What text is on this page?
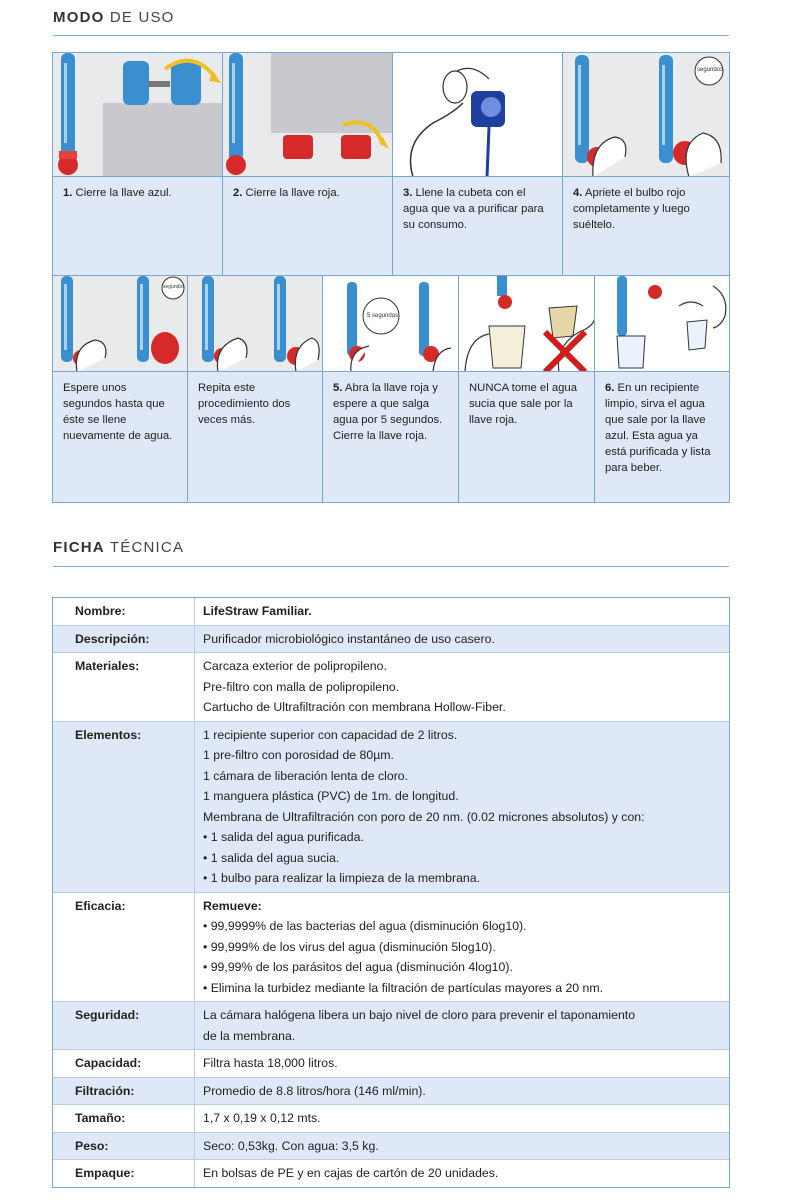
MODO DE USO
1. Cierre la llave azul.	2. Cierre la llave roja.	3. Llene la cubeta con el agua que va a purificar para su consumo.
segundos
4. Apriete el bulbo rojo completamente y luego suéltelo.
segundos
Espere unos segundos hasta que éste se llene nuevamente de agua.
Repita este procedimiento dos veces más.
5 segundos
5. Abra la llave roja y espere a que salga agua por 5 segundos. Cierre la llave roja.
NUNCA tome el agua sucia que sale por la llave roja.
6. En un recipiente limpio, sirva el agua que sale por la llave azul. Esta agua ya está purificada y lista para beber.
FICHA TÉCNICA
Nombre:	LifeStraw Familiar.
Descripción:	Purificador microbiológico instantáneo de uso casero.
Materiales:	Carcaza exterior de polipropileno.
Pre-filtro con malla de polipropileno.
Cartucho de Ultrafiltración con membrana Hollow-Fiber.
Elementos:	1 recipiente superior con capacidad de 2 litros.
1 pre-filtro con porosidad de 80µm.
1 cámara de liberación lenta de cloro.
1 manguera plástica (PVC) de 1m. de longitud.
Membrana de Ultrafiltración con poro de 20 nm. (0.02 micrones absolutos) y con:
• 1 salida del agua purificada.
• 1 salida del agua sucia.
• 1 bulbo para realizar la limpieza de la membrana.
Eficacia:	Remueve:
• 99,9999% de las bacterias del agua (disminución 6log10).
• 99,999% de los virus del agua (disminución 5log10).
• 99,99% de los parásitos del agua (disminución 4log10).
• Elimina la turbidez mediante la filtración de partículas mayores a 20 nm.
Seguridad:	La cámara halógena libera un bajo nivel de cloro para prevenir el taponamiento
de la membrana.
Capacidad:	Filtra hasta 18,000 litros.
Filtración:	Promedio de 8.8 litros/hora (146 ml/min).
Tamaño:	1,7 x 0,19 x 0,12 mts.
Peso:	Seco: 0,53kg. Con agua: 3,5 kg.
Empaque:	En bolsas de PE y en cajas de cartón de 20 unidades.
